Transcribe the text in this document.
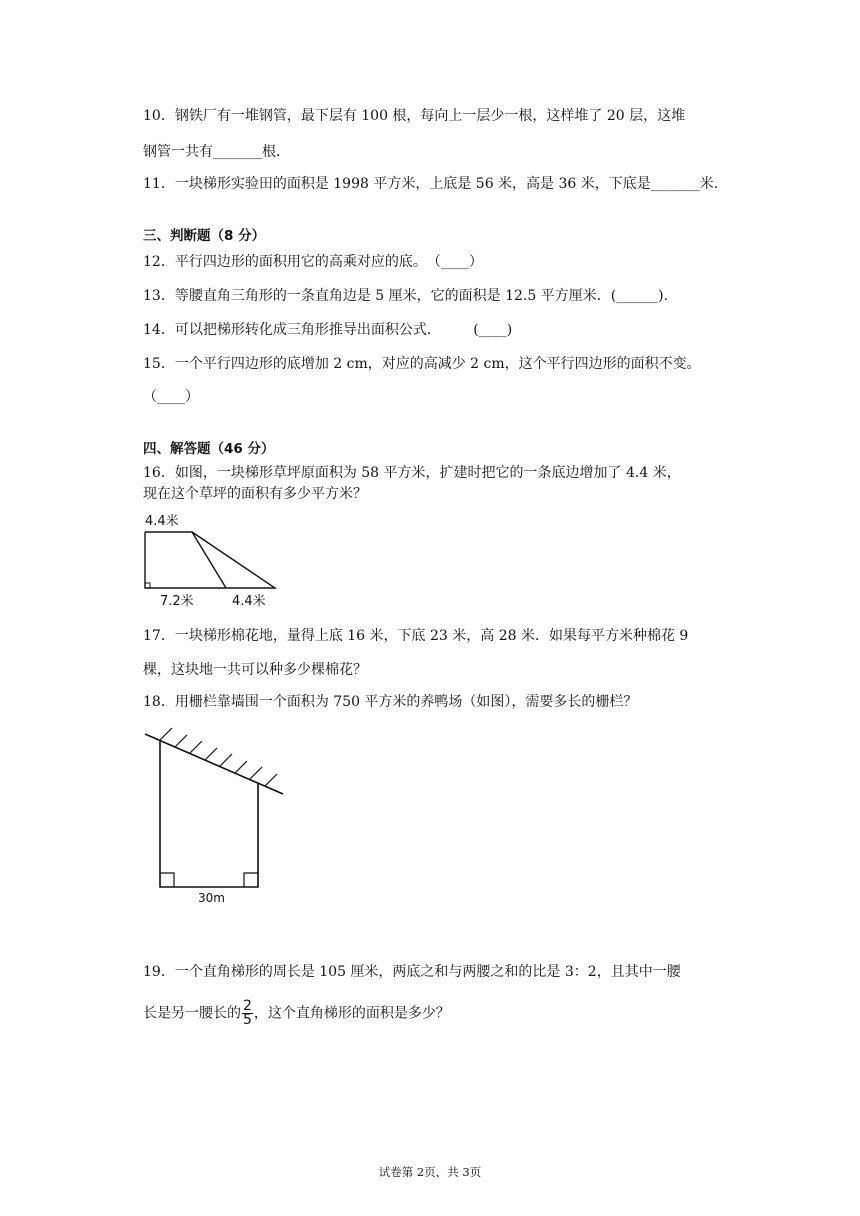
10．钢铁厂有一堆钢管，最下层有 100 根，每向上一层少一根，这样堆了 20 层，这堆
钢管一共有_______根.
11．一块梯形实验田的面积是 1998 平方米，上底是 56 米，高是 36 米，下底是_______米.
三、判断题（8 分）
12．平行四边形的面积用它的高乘对应的底。　（____）
13．等腰直角三角形的一条直角边是 5 厘米，它的面积是 12.5 平方厘米．(______).
14．可以把梯形转化成三角形推导出面积公式.　　　(____)
15．一个平行四边形的底增加 2 cm，对应的高减少 2 cm，这个平行四边形的面积不变。
（____）
四、解答题（46 分）
16．如图，一块梯形草坪原面积为 58 平方米，扩建时把它的一条底边增加了 4.4 米，
现在这个草坪的面积有多少平方米？
4.4米
7.2米	4.4米
17．一块梯形棉花地，量得上底 16 米，下底 23 米，高 28 米．如果每平方米种棉花 9
棵，这块地一共可以种多少棵棉花？
18．用栅栏靠墙围一个面积为 750 平方米的养鸭场（如图），需要多长的栅栏？
30m
19．一个直角梯形的周长是 105 厘米，两底之和与两腰之和的比是 3：2，且其中一腰
长是另一腰长的 $\frac{2}{5}$ ，这个直角梯形的面积是多少？
试卷第 2页，共 3页
